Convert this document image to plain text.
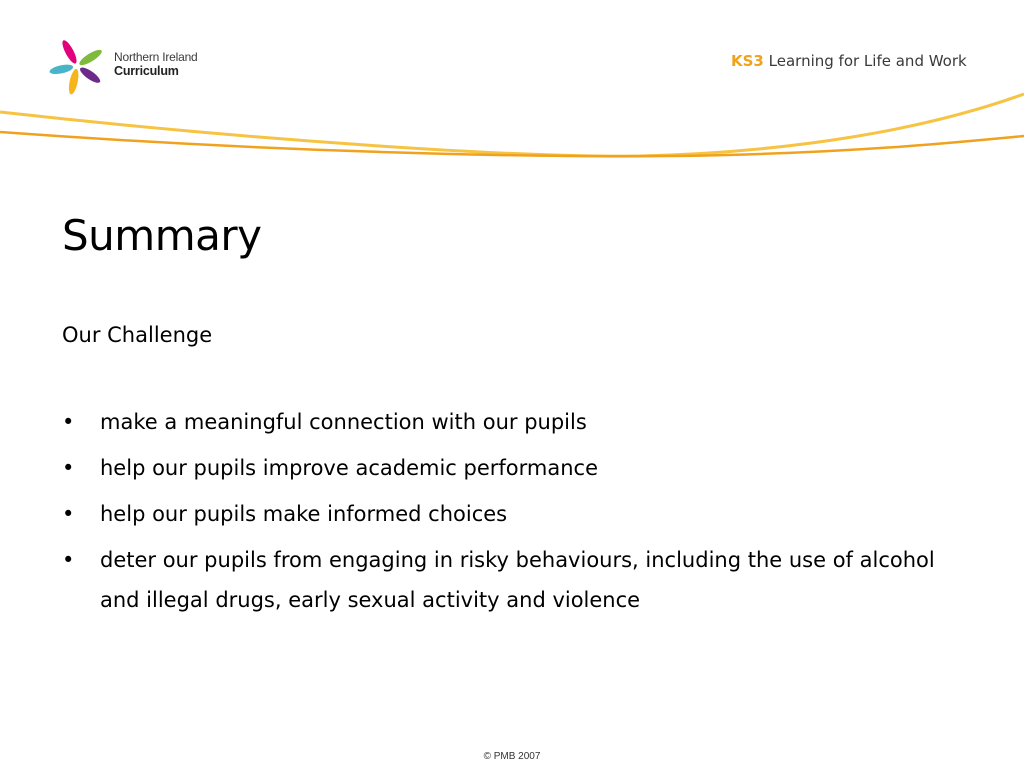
Northern Ireland
Curriculum
KS3 Learning for Life and Work
Summary
Our Challenge
• make a meaningful connection with our pupils
• help our pupils improve academic performance
• help our pupils make informed choices
• deter our pupils from engaging in risky behaviours, including the use of alcohol and illegal drugs, early sexual activity and violence
© PMB 2007
